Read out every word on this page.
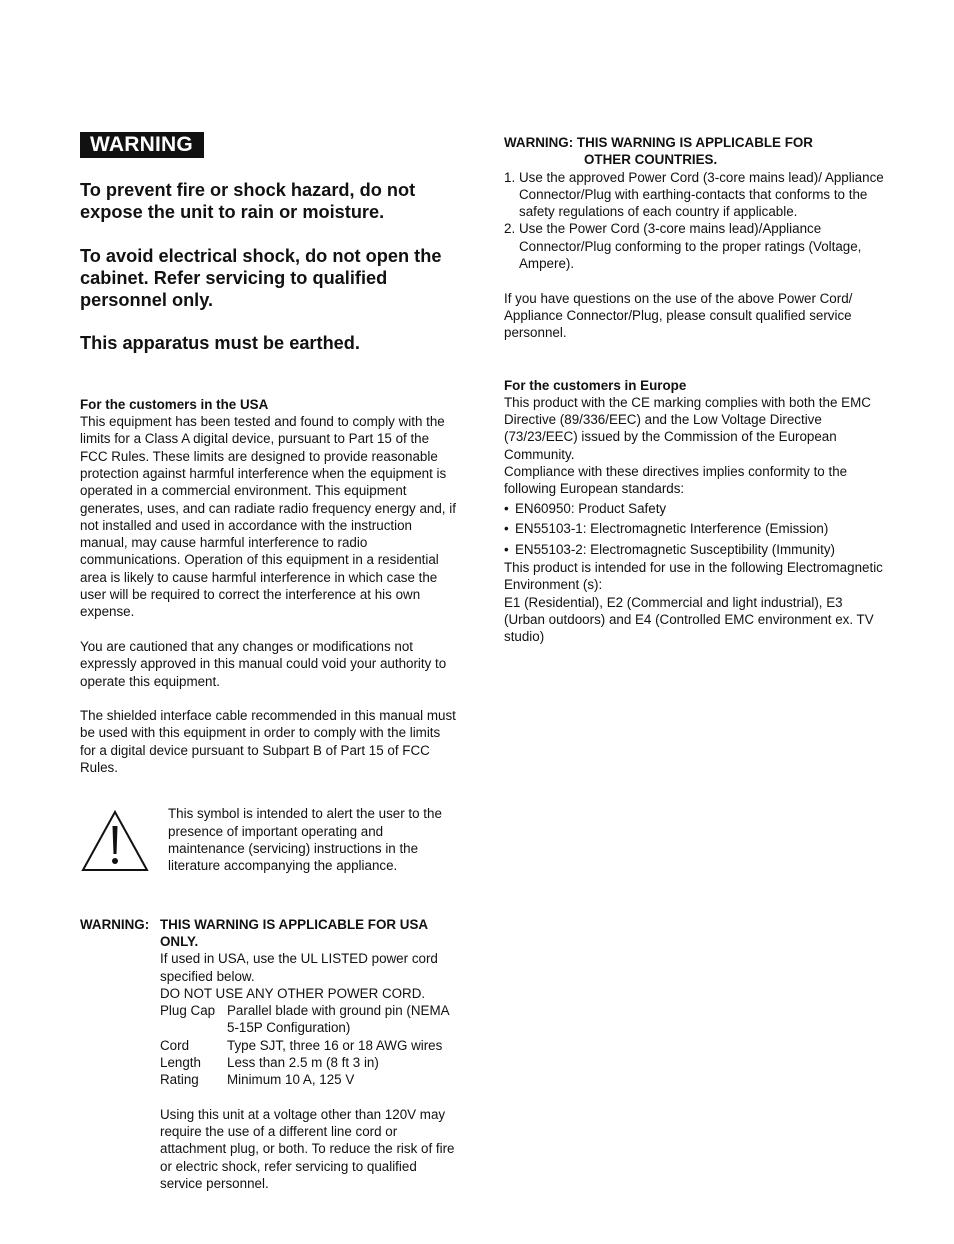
WARNING

To prevent fire or shock hazard, do not expose the unit to rain or moisture.

To avoid electrical shock, do not open the cabinet. Refer servicing to qualified personnel only.

This apparatus must be earthed.

For the customers in the USA

This equipment has been tested and found to comply with the limits for a Class A digital device, pursuant to Part 15 of the FCC Rules. These limits are designed to provide reasonable protection against harmful interference when the equipment is operated in a commercial environment. This equipment generates, uses, and can radiate radio frequency energy and, if not installed and used in accordance with the instruction manual, may cause harmful interference to radio communications. Operation of this equipment in a residential area is likely to cause harmful interference in which case the user will be required to correct the interference at his own expense.

You are cautioned that any changes or modifications not expressly approved in this manual could void your authority to operate this equipment.

The shielded interface cable recommended in this manual must be used with this equipment in order to comply with the limits for a digital device pursuant to Subpart B of Part 15 of FCC Rules.

This symbol is intended to alert the user to the presence of important operating and maintenance (servicing) instructions in the literature accompanying the appliance.

WARNING: THIS WARNING IS APPLICABLE FOR USA ONLY.

If used in USA, use the UL LISTED power cord specified below.

DO NOT USE ANY OTHER POWER CORD.

Plug Cap Parallel blade with ground pin (NEMA 5-15P Configuration)
Cord	Type SJT, three 16 or 18 AWG wires
Length	Less than 2.5 m (8 ft 3 in)
Rating	Minimum 10 A, 125 V

Using this unit at a voltage other than 120V may require the use of a different line cord or attachment plug, or both. To reduce the risk of fire or electric shock, refer servicing to qualified service personnel.

WARNING: THIS WARNING IS APPLICABLE FOR

OTHER COUNTRIES.

1. Use the approved Power Cord (3-core mains lead)/ Appliance Connector/Plug with earthing-contacts that conforms to the safety regulations of each country if applicable.
2. Use the Power Cord (3-core mains lead)/Appliance Connector/Plug conforming to the proper ratings (Voltage, Ampere).

If you have questions on the use of the above Power Cord/ Appliance Connector/Plug, please consult qualified service personnel.

For the customers in Europe

This product with the CE marking complies with both the EMC Directive (89/336/EEC) and the Low Voltage Directive (73/23/EEC) issued by the Commission of the European Community.

Compliance with these directives implies conformity to the following European standards:

• EN60950: Product Safety
• EN55103-1: Electromagnetic Interference (Emission)
• EN55103-2: Electromagnetic Susceptibility (Immunity)

This product is intended for use in the following Electromagnetic Environment (s):

E1 (Residential), E2 (Commercial and light industrial), E3 (Urban outdoors) and E4 (Controlled EMC environment ex. TV studio)
